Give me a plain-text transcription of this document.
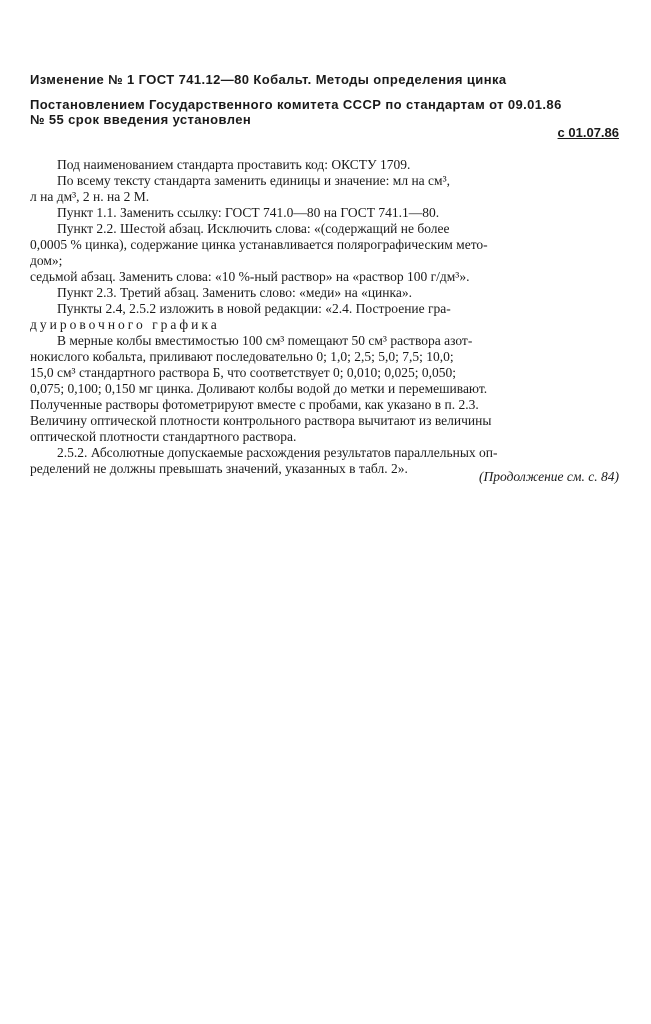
Изменение № 1 ГОСТ 741.12—80 Кобальт. Методы определения цинка
Постановлением Государственного комитета СССР по стандартам от 09.01.86
№ 55 срок введения установлен
с 01.07.86
Под наименованием стандарта проставить код: ОКСТУ 1709.
По всему тексту стандарта заменить единицы и значение: мл на см³,
л на дм³, 2 н. на 2 М.
Пункт 1.1. Заменить ссылку: ГОСТ 741.0—80 на ГОСТ 741.1—80.
Пункт 2.2. Шестой абзац. Исключить слова: «(содержащий не более
0,0005 % цинка), содержание цинка устанавливается полярографическим мето-
дом»;
седьмой абзац. Заменить слова: «10 %-ный раствор» на «раствор 100 г/дм³».
Пункт 2.3. Третий абзац. Заменить слово: «меди» на «цинка».
Пункты 2.4, 2.5.2 изложить в новой редакции: «2.4. Построение гра-
дуировочного графика
В мерные колбы вместимостью 100 см³ помещают 50 см³ раствора азот-
нокислого кобальта, приливают последовательно 0; 1,0; 2,5; 5,0; 7,5; 10,0;
15,0 см³ стандартного раствора Б, что соответствует 0; 0,010; 0,025; 0,050;
0,075; 0,100; 0,150 мг цинка. Доливают колбы водой до метки и перемешивают.
Полученные растворы фотометрируют вместе с пробами, как указано в п. 2.3.
Величину оптической плотности контрольного раствора вычитают из величины
оптической плотности стандартного раствора.
2.5.2. Абсолютные допускаемые расхождения результатов параллельных оп-
ределений не должны превышать значений, указанных в табл. 2».
(Продолжение см. с. 84)
